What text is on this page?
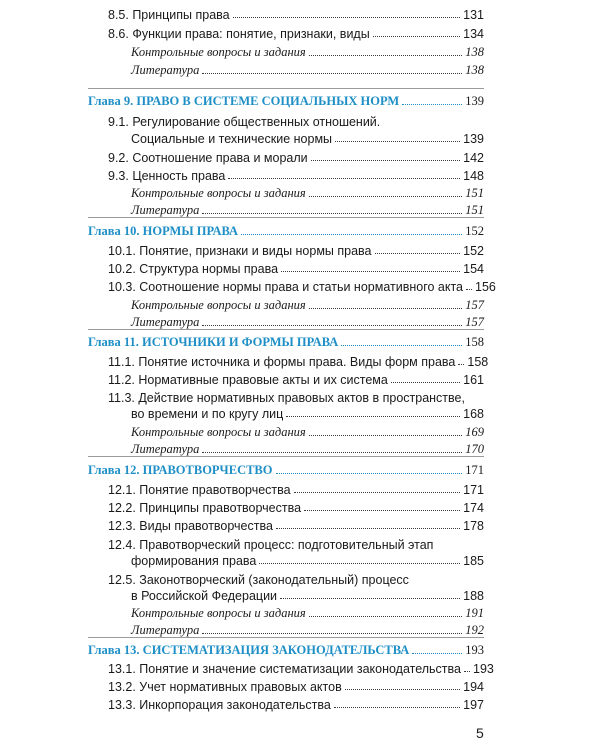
8.5. Принципы права	131
8.6. Функции права: понятие, признаки, виды	134
Контрольные вопросы и задания	138
Литература	138
Глава 9. ПРАВО В СИСТЕМЕ СОЦИАЛЬНЫХ НОРМ	139
9.1. Регулирование общественных отношений.
Социальные и технические нормы	139
9.2. Соотношение права и морали	142
9.3. Ценность права	148
Контрольные вопросы и задания	151
Литература	151
Глава 10. НОРМЫ ПРАВА	152
10.1. Понятие, признаки и виды нормы права	152
10.2. Структура нормы права	154
10.3. Соотношение нормы права и статьи нормативного акта 156
Контрольные вопросы и задания	157
Литература	157
Глава 11. ИСТОЧНИКИ И ФОРМЫ ПРАВА	158
11.1. Понятие источника и формы права. Виды форм права 158
11.2. Нормативные правовые акты и их система	161
11.3. Действие нормативных правовых актов в пространстве,
во времени и по кругу лиц	168
Контрольные вопросы и задания	169
Литература	170
Глава 12. ПРАВОТВОРЧЕСТВО	171
12.1. Понятие правотворчества	171
12.2. Принципы правотворчества	174
12.3. Виды правотворчества	178
12.4. Правотворческий процесс: подготовительный этап
формирования права	185
12.5. Законотворческий (законодательный) процесс
в Российской Федерации	188
Контрольные вопросы и задания	191
Литература	192
Глава 13. СИСТЕМАТИЗАЦИЯ ЗАКОНОДАТЕЛЬСТВА	193
13.1. Понятие и значение систематизации законодательства 193
13.2. Учет нормативных правовых актов	194
13.3. Инкорпорация законодательства	197
5
